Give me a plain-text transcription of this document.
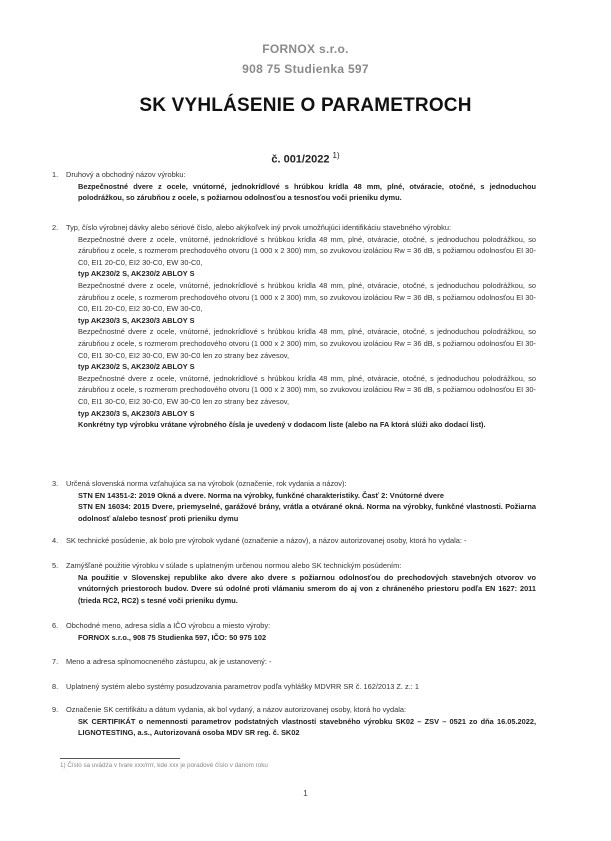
FORNOX s.r.o.
908 75 Studienka 597
SK VYHLÁSENIE O PARAMETROCH
č. 001/2022 $^{1)}$
1. Druhový a obchodný názov výrobku:

Bezpečnostné dvere z ocele, vnútorné, jednokrídlové s hrúbkou krídla 48 mm, plné, otváracie, otočné, s jednoduchou polodrážkou, so zárubňou z ocele, s požiarnou odolnosťou a tesnosťou voči prieniku dymu.

2. Typ, číslo výrobnej dávky alebo sériové číslo, alebo akýkoľvek iný prvok umožňujúci identifikáciu stavebného výrobku:

Bezpečnostné dvere z ocele, vnútorné, jednokrídlové s hrúbkou krídla 48 mm, plné, otváracie, otočné, s jednoduchou polodrážkou, so zárubňou z ocele, s rozmerom prechodového otvoru (1 000 x 2 300) mm, so zvukovou izoláciou Rw = 36 dB, s požiarnou odolnosťou EI 30-C0, EI1 20-C0, EI2 30-C0, EW 30-C0,

typ AK230/2 S, AK230/2 ABLOY S

Bezpečnostné dvere z ocele, vnútorné, jednokrídlové s hrúbkou krídla 48 mm, plné, otváracie, otočné, s jednoduchou polodrážkou, so zárubňou z ocele, s rozmerom prechodového otvoru (1 000 x 2 300) mm, so zvukovou izoláciou Rw = 36 dB, s požiarnou odolnosťou EI 30-C0, EI1 20-C0, EI2 30-C0, EW 30-C0,

typ AK230/3 S, AK230/3 ABLOY S

Bezpečnostné dvere z ocele, vnútorné, jednokrídlové s hrúbkou krídla 48 mm, plné, otváracie, otočné, s jednoduchou polodrážkou, so zárubňou z ocele, s rozmerom prechodového otvoru (1 000 x 2 300) mm, so zvukovou izoláciou Rw = 36 dB, s požiarnou odolnosťou EI 30-C0, EI1 30-C0, EI2 30-C0, EW 30-C0 len zo strany bez závesov,

typ AK230/2 S, AK230/2 ABLOY S

Bezpečnostné dvere z ocele, vnútorné, jednokrídlové s hrúbkou krídla 48 mm, plné, otváracie, otočné, s jednoduchou polodrážkou, so zárubňou z ocele, s rozmerom prechodového otvoru (1 000 x 2 300) mm, so zvukovou izoláciou Rw = 36 dB, s požiarnou odolnosťou EI 30-C0, EI1 30-C0, EI2 30-C0, EW 30-C0 len zo strany bez závesov,

typ AK230/3 S, AK230/3 ABLOY S

Konkrétny typ výrobku vrátane výrobného čísla je uvedený v dodacom liste (alebo na FA ktorá slúži ako dodací list).

3. Určená slovenská norma vzťahujúca sa na výrobok (označenie, rok vydania a názov):

STN EN 14351-2: 2019 Okná a dvere. Norma na výrobky, funkčné charakteristiky. Časť 2: Vnútorné dvere

STN EN 16034: 2015 Dvere, priemyselné, garážové brány, vrátla a otvárané okná. Norma na výrobky, funkčné vlastnosti. Požiarna odolnosť a/alebo tesnosť proti prieniku dymu

4. SK technické posúdenie, ak bolo pre výrobok vydané (označenie a názov), a názov autorizovanej osoby, ktorá ho vydala: -

5. Zamýšľané použitie výrobku v súlade s uplatneným určenou normou alebo SK technickým posúdením:

Na použitie v Slovenskej republike ako dvere ako dvere s požiarnou odolnosťou do prechodových stavebných otvorov vo vnútorných priestoroch budov. Dvere sú odolné proti vlámaniu smerom do aj von z chráneného priestoru podľa EN 1627: 2011 (trieda RC2, RC2) s tesné voči prieniku dymu.

6. Obchodné meno, adresa sídla a IČO výrobcu a miesto výroby:

FORNOX s.r.o., 908 75 Studienka 597, IČO: 50 975 102

7. Meno a adresa splnomocneného zástupcu, ak je ustanovený: -

8. Uplatnený systém alebo systémy posudzovania parametrov podľa vyhlášky MDVRR SR č. 162/2013 Z. z.: 1

9. Označenie SK certifikátu a dátum vydania, ak bol vydaný, a názov autorizovanej osoby, ktorá ho vydala:

SK CERTIFIKÁT o nemennosti parametrov podstatných vlastností stavebného výrobku SK02 – ZSV – 0521 zo dňa 16.05.2022, LIGNOTESTING, a.s., Autorizovaná osoba MDV SR reg. č. SK02

1) Číslo sa uvádza v tvare xxx/rrrr, kde xxx je poradové číslo v danom roku
1
